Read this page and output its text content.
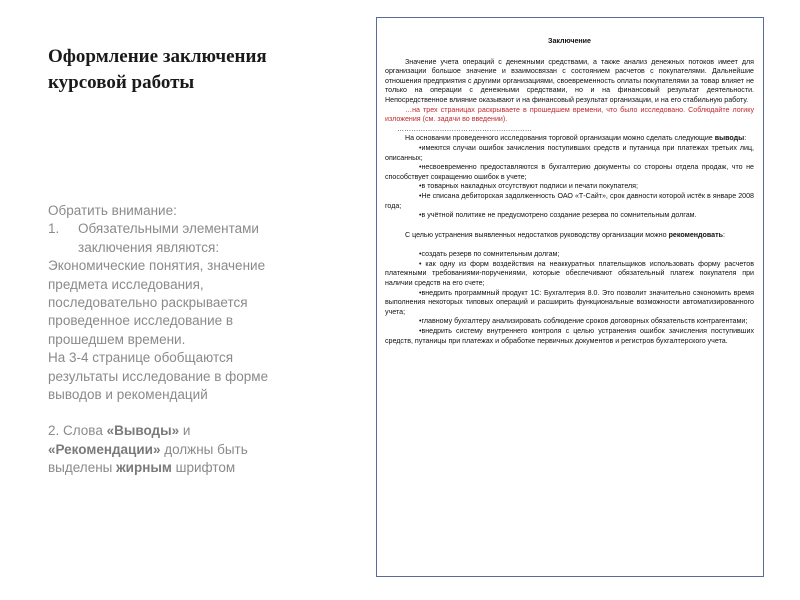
Оформление заключения курсовой работы

Обратить внимание:

1. Обязательными элементами заключения являются:

Экономические понятия, значение предмета исследования, последовательно раскрывается проведенное исследование в прошедшем времени.

На 3-4 странице обобщаются результаты исследование в форме выводов и рекомендаций

2. Слова «Выводы» и «Рекомендации» должны быть выделены жирным шрифтом

Заключение

Значение учета операций с денежными средствами, а также анализ денежных потоков имеет для организации большое значение и взаимосвязан с состоянием расчетов с покупателями. Дальнейшие отношения предприятия с другими организациями, своевременность оплаты покупателями за товар влияет не только на операции с денежными средствами, но и на финансовый результат деятельности. Непосредственное влияние оказывают и на финансовый результат организации, и на его стабильную работу.

…на трех страницах раскрываете в прошедшем времени, что было исследовано. Соблюдайте логику изложения (см. задачи во введении).

…………………………………………………

На основании проведенного исследования торговой организации можно сделать следующие выводы:

•имеются случаи ошибок зачисления поступивших средств и путаница при платежах третьих лиц, описанных;

•несвоевременно предоставляются в бухгалтерию документы со стороны отдела продаж, что не способствует сокращению ошибок в учете;

•в товарных накладных отсутствуют подписи и печати покупателя;

•Не списана дебиторская задолженность ОАО «Т-Сайт», срок давности которой истёк в январе 2008 года;

•в учётной политике не предусмотрено создание резерва по сомнительным долгам.

С целью устранения выявленных недостатков руководству организации можно рекомендовать:

•создать резерв по сомнительным долгам;

• как одну из форм воздействия на неаккуратных плательщиков использовать форму расчетов платежными требованиями-поручениями, которые обеспечивают обязательный платеж покупателя при наличии средств на его счете;

•внедрить программный продукт 1С: Бухгалтерия 8.0. Это позволит значительно сэкономить время выполнения некоторых типовых операций и расширить функциональные возможности автоматизированного учета;

•главному бухгалтеру анализировать соблюдение сроков договорных обязательств контрагентами;

•внедрить систему внутреннего контроля с целью устранения ошибок зачисления поступивших средств, путаницы при платежах и обработке первичных документов и регистров бухгалтерского учета.
